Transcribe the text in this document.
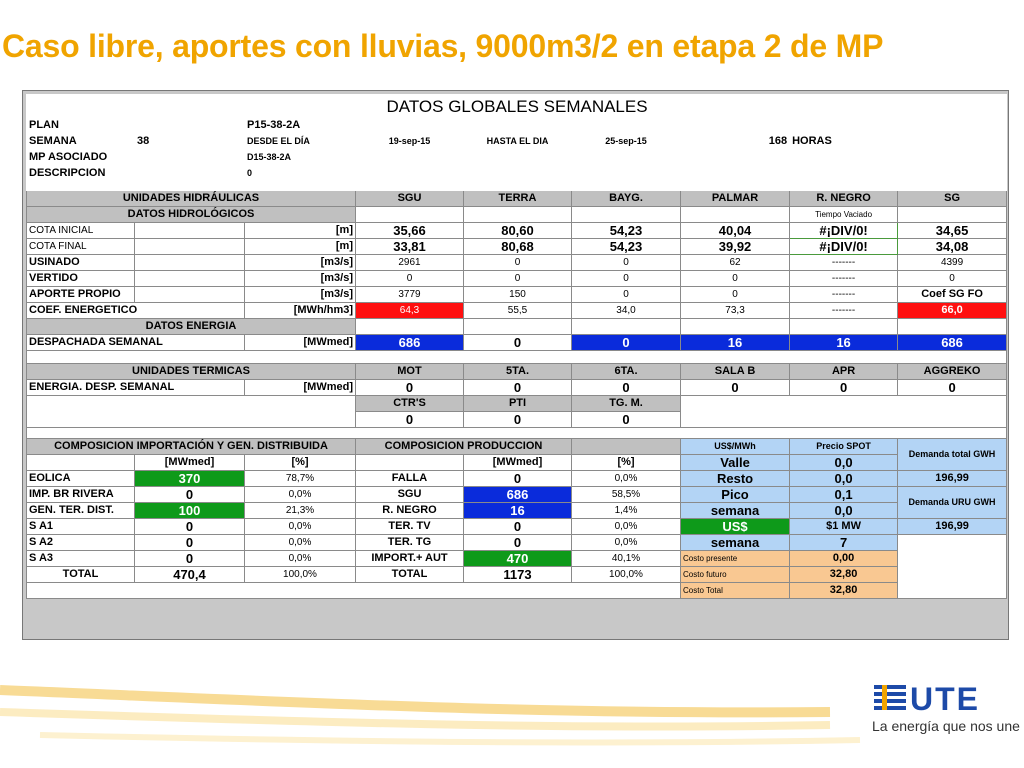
Caso libre, aportes con lluvias, 9000m3/2 en etapa 2 de MP
		DATOS GLOBALES SEMANALES						
PLAN		P15-38-2A						
SEMANA	38	DESDE EL DÍA	19-sep-15	HASTA EL DIA	25-sep-15	168	HORAS	
MP ASOCIADO		D15-38-2A						
DESCRIPCION		0						

UNIDADES HIDRÁULICAS			SGU	TERRA	BAYG.	PALMAR	R. NEGRO	SG
DATOS HIDROLÓGICOS							Tiempo Vaciado	
COTA INICIAL		[m]	35,66	80,60	54,23	40,04	#¡DIV/0!	34,65
COTA FINAL		[m]	33,81	80,68	54,23	39,92	#¡DIV/0!	34,08
USINADO		[m3/s]	2961	0	0	62	-------	4399
VERTIDO		[m3/s]	0	0	0	0	-------	0
APORTE PROPIO		[m3/s]	3779	150	0	0	-------	Coef SG FO
COEF. ENERGETICO		[MWh/hm3]	64,3	55,5	34,0	73,3	-------	66,0
DATOS ENERGIA								
DESPACHADA SEMANAL		[MWmed]	686	0	0	16	16	686

UNIDADES TERMICAS			MOT	5TA.	6TA.	SALA B	APR	AGGREKO
ENERGIA. DESP. SEMANAL		[MWmed]	0	0	0	0	0	0
			CTR'S	PTI	TG. M.			
			0	0	0			

COMPOSICION IMPORTACIÓN Y GEN. DISTRIBUIDA			COMPOSICION PRODUCCION			US$/MWh	Precio SPOT	Demanda total GWH
	[MWmed]	[%]		[MWmed]	[%]	Valle	0,0	
EOLICA	370	78,7%	FALLA	0	0,0%	Resto	0,0	196,99
IMP. BR RIVERA	0	0,0%	SGU	686	58,5%	Pico	0,1	Demanda URU GWH
GEN. TER. DIST.	100	21,3%	R. NEGRO	16	1,4%	semana	0,0	
S A1	0	0,0%	TER. TV	0	0,0%	US$	$1 MW	196,99
S A2	0	0,0%	TER. TG	0	0,0%	semana	7	
S A3	0	0,0%	IMPORT.+ AUT	470	40,1%	Costo presente	0,00	
TOTAL	470,4	100,0%	TOTAL	1173	100,0%	Costo futuro	32,80	
						Costo Total	32,80	
UTE
La energía que nos une
